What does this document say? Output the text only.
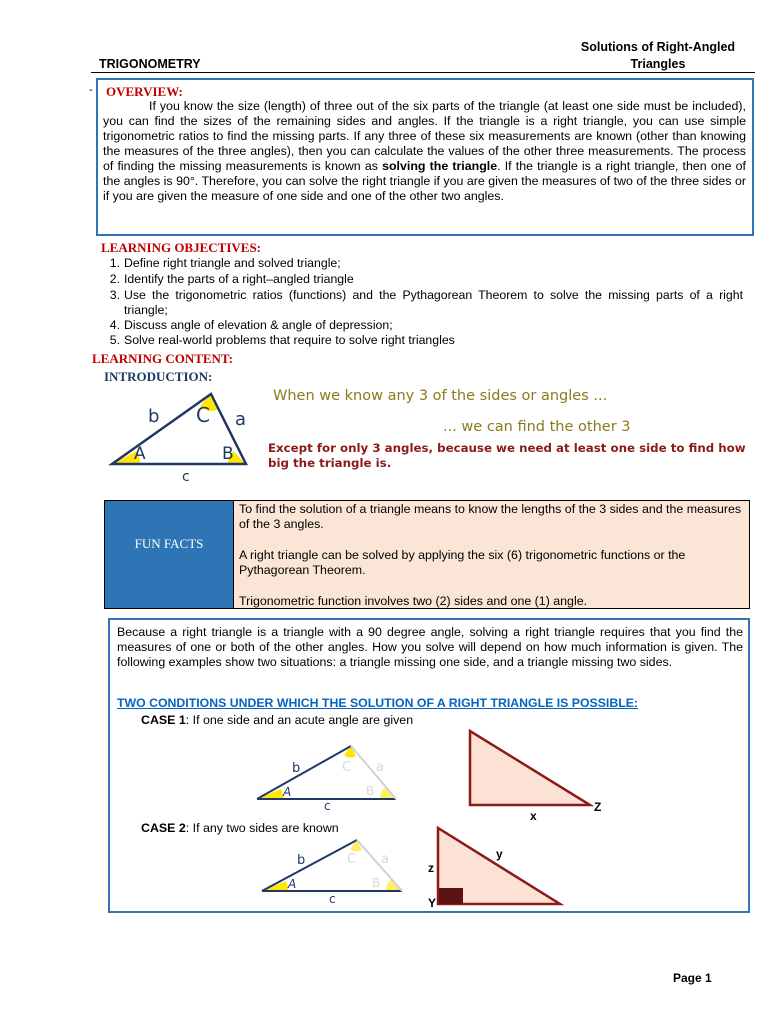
TRIGONOMETRY
Solutions of Right-Angled
Triangles
- OVERVIEW:
If you know the size (length) of three out of the six parts of the triangle (at least one side must be included), you can find the sizes of the remaining sides and angles. If the triangle is a right triangle, you can use simple trigonometric ratios to find the missing parts. If any three of these six measurements are known (other than knowing the measures of the three angles), then you can calculate the values of the other three measurements. The process of finding the missing measurements is known as solving the triangle. If the triangle is a right triangle, then one of the angles is 90°. Therefore, you can solve the right triangle if you are given the measures of two of the three sides or if you are given the measure of one side and one of the other two angles.
LEARNING OBJECTIVES:
1. Define right triangle and solved triangle;
2. Identify the parts of a right–angled triangle
3. Use the trigonometric ratios (functions) and the Pythagorean Theorem to solve the missing parts of a right triangle;
4. Discuss angle of elevation & angle of depression;
5. Solve real-world problems that require to solve right triangles
LEARNING CONTENT:
INTRODUCTION:
b C a
A	B
c
When we know any 3 of the sides or angles ...
... we can find the other 3
Except for only 3 angles, because we need at least one side to find how big the triangle is.
FUN FACTS
To find the solution of a triangle means to know the lengths of the 3 sides and the measures of the 3 angles.
A right triangle can be solved by applying the six (6) trigonometric functions or the Pythagorean Theorem.
Trigonometric function involves two (2) sides and one (1) angle.
Because a right triangle is a triangle with a 90 degree angle, solving a right triangle requires that you find the measures of one or both of the other angles. How you solve will depend on how much information is given. The following examples show two situations: a triangle missing one side, and a triangle missing two sides.
TWO CONDITIONS UNDER WHICH THE SOLUTION OF A RIGHT TRIANGLE IS POSSIBLE:
CASE 1: If one side and an acute angle are given
CASE 2: If any two sides are known
b	C a
A	B
c
x
Z
b	C a
A	B
c
z
y
Y
Page 1
